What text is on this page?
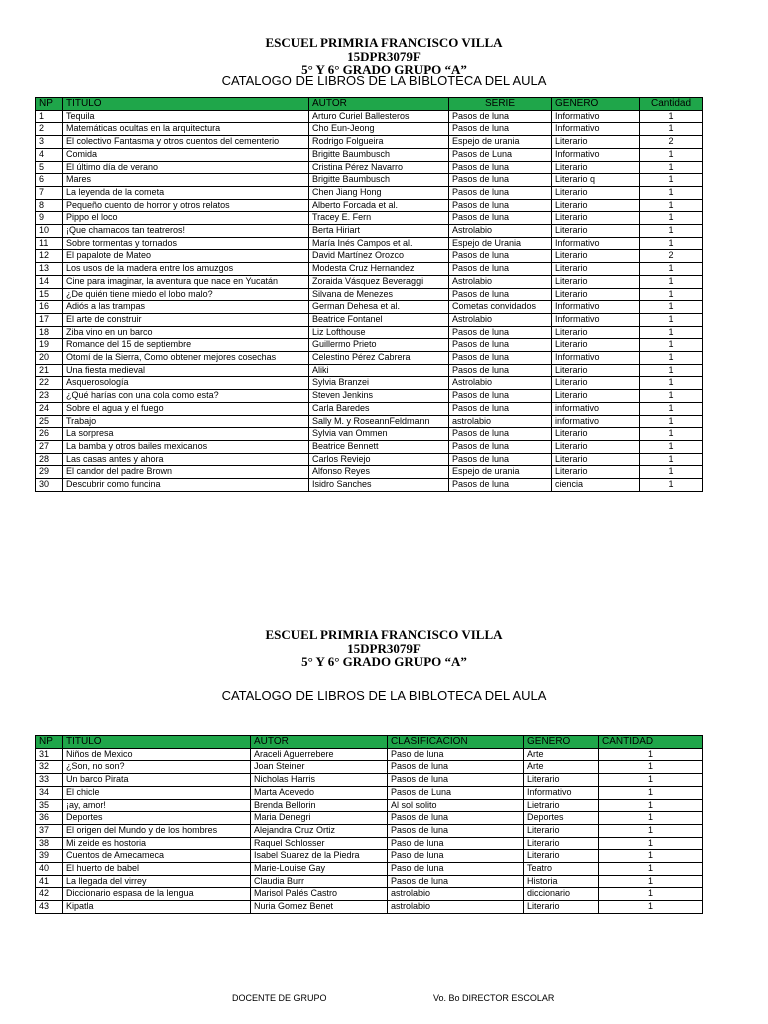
ESCUEL PRIMRIA FRANCISCO VILLA
15DPR3079F
5° Y 6° GRADO GRUPO “A”
CATALOGO DE LIBROS DE LA BIBLOTECA DEL AULA
NP	TITULO	AUTOR	SERIE	GENERO	Cantidad
1	Tequila	Arturo Curiel Ballesteros	Pasos de luna	Informativo	1
2	Matemáticas ocultas en la arquitectura	Cho Eun-Jeong	Pasos de luna	Informativo	1
3	El colectivo Fantasma y otros cuentos del cementerio	Rodrigo Folgueira	Espejo de urania	Literario	2
4	Comida	Brigitte Baumbusch	Pasos de Luna	Informativo	1
5	El último día de verano	Cristina Pérez Navarro	Pasos de luna	Literario	1
6	Mares	Brigitte Baumbusch	Pasos de luna	Literario q	1
7	La leyenda de la cometa	Chen Jiang Hong	Pasos de luna	Literario	1
8	Pequeño cuento de horror y otros relatos	Alberto Forcada et al.	Pasos de luna	Literario	1
9	Pippo el loco	Tracey E. Fern	Pasos de luna	Literario	1
10	¡Que chamacos tan teatreros!	Berta Hiriart	Astrolabio	Literario	1
11	Sobre tormentas y tornados	María Inés Campos et al.	Espejo de Urania	Informativo	1
12	El papalote de Mateo	David Martínez Orozco	Pasos de luna	Literario	2
13	Los usos de la madera entre los amuzgos	Modesta Cruz Hernandez	Pasos de luna	Literario	1
14	Cine para imaginar, la aventura que nace en Yucatán	Zoraida Vásquez Beveraggi	Astrolabio	Literario	1
15	¿De quién tiene miedo el lobo malo?	Silvana de Menezes	Pasos de luna	Literario	1
16	Adiós a las trampas	German Dehesa et al.	Cometas convidados	Informativo	1
17	El arte de construir	Beatrice Fontanel	Astrolabio	Informativo	1
18	Ziba vino en un barco	Liz Lofthouse	Pasos de luna	Literario	1
19	Romance del 15 de septiembre	Guillermo Prieto	Pasos de luna	Literario	1
20	Otomí de la Sierra, Como obtener mejores cosechas	Celestino Pérez Cabrera	Pasos de luna	Informativo	1
21	Una fiesta medieval	Aliki	Pasos de luna	Literario	1
22	Asquerosología	Sylvia Branzei	Astrolabio	Literario	1
23	¿Qué harías con una cola como esta?	Steven Jenkins	Pasos de luna	Literario	1
24	Sobre el agua y el fuego	Carla Baredes	Pasos de luna	informativo	1
25	Trabajo	Sally M. y RoseannFeldmann	astrolabio	informativo	1
26	La sorpresa	Sylvia van Ommen	Pasos de luna	Literario	1
27	La bamba y otros bailes mexicanos	Beatrice Bennett	Pasos de luna	Literario	1
28	Las casas antes y ahora	Carlos Reviejo	Pasos de luna	Literario	1
29	El candor del padre Brown	Alfonso Reyes	Espejo de urania	Literario	1
30	Descubrir como funcina	Isidro Sanches	Pasos de luna	ciencia	1
ESCUEL PRIMRIA FRANCISCO VILLA
15DPR3079F
5° Y 6° GRADO GRUPO “A”
CATALOGO DE LIBROS DE LA BIBLOTECA DEL AULA
NP	TITULO	AUTOR	CLASIFICACION	GENERO	CANTIDAD
31	Niños de Mexico	Araceli Aguerrebere	Paso de luna	Arte	1
32	¿Son, no son?	Joan Steiner	Pasos de luna	Arte	1
33	Un barco Pirata	Nicholas Harris	Pasos de luna	Literario	1
34	El chicle	Marta Acevedo	Pasos de Luna	Informativo	1
35	¡ay, amor!	Brenda Bellorin	Al sol solito	Lietrario	1
36	Deportes	Maria Denegri	Pasos de luna	Deportes	1
37	El origen del Mundo y de los hombres	Alejandra Cruz Ortiz	Pasos de luna	Literario	1
38	Mi zeide es hostoria	Raquel Schlosser	Paso de luna	Literario	1
39	Cuentos de Amecameca	Isabel Suarez de la Piedra	Paso de luna	Literario	1
40	El huerto de babel	Marie-Louise Gay	Paso de luna	Teatro	1
41	La llegada del virrey	Claudia Burr	Pasos de luna	Historia	1
42	Diccionario espasa de la lengua	Marisol Palés Castro	astrolabio	diccionario	1
43	Kipatla	Nuria Gomez Benet	astrolabio	Literario	1
DOCENTE DE GRUPO	Vo. Bo DIRECTOR ESCOLAR
